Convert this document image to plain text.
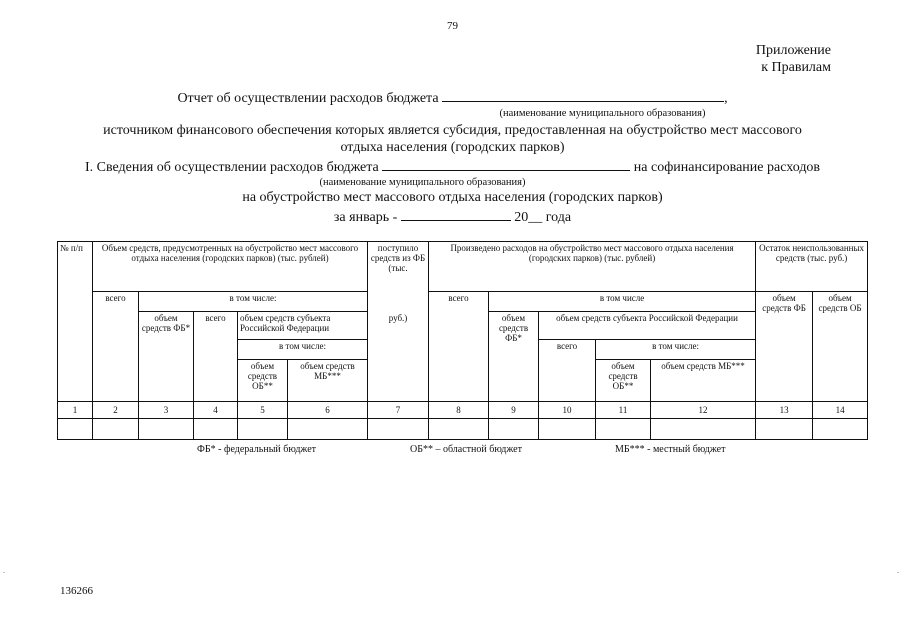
79
Приложение
к Правилам
Отчет об осуществлении расходов бюджета	,
(наименование муниципального образования)
источником финансового обеспечения которых является субсидия, предоставленная на обустройство мест массового
отдыха населения (городских парков)
I. Сведения об осуществлении расходов бюджета	на софинансирование расходов
(наименование муниципального образования)
на обустройство мест массового отдыха населения (городских парков)
за январь -	20__ года
№ п/п	Объем средств, предусмотренных на обустройство мест массового отдыха населения (городских парков) (тыс. рублей)					поступило средств из ФБ (тыс.	Произведено расходов на обустройство мест массового отдыха населения (городских парков) (тыс. рублей)					Остаток неиспользованных средств (тыс. руб.)	
	всего	в том числе:					всего	в том числе				объем средств ФБ	объем средств ОБ
		объем средств ФБ*	всего	объем средств субъекта Российской Федерации		руб.)		объем средств ФБ*	объем средств субъекта Российской Федерации				
				в том числе:					всего	в том числе:			
				объем средств ОБ**	объем средств МБ***					объем средств ОБ**	объем средств МБ***		
1	2	3	4	5	6	7	8	9	10	11	12	13	14

ФБ* - федеральный бюджет	ОБ** – областной бюджет	МБ*** - местный бюджет
136266
.	.
